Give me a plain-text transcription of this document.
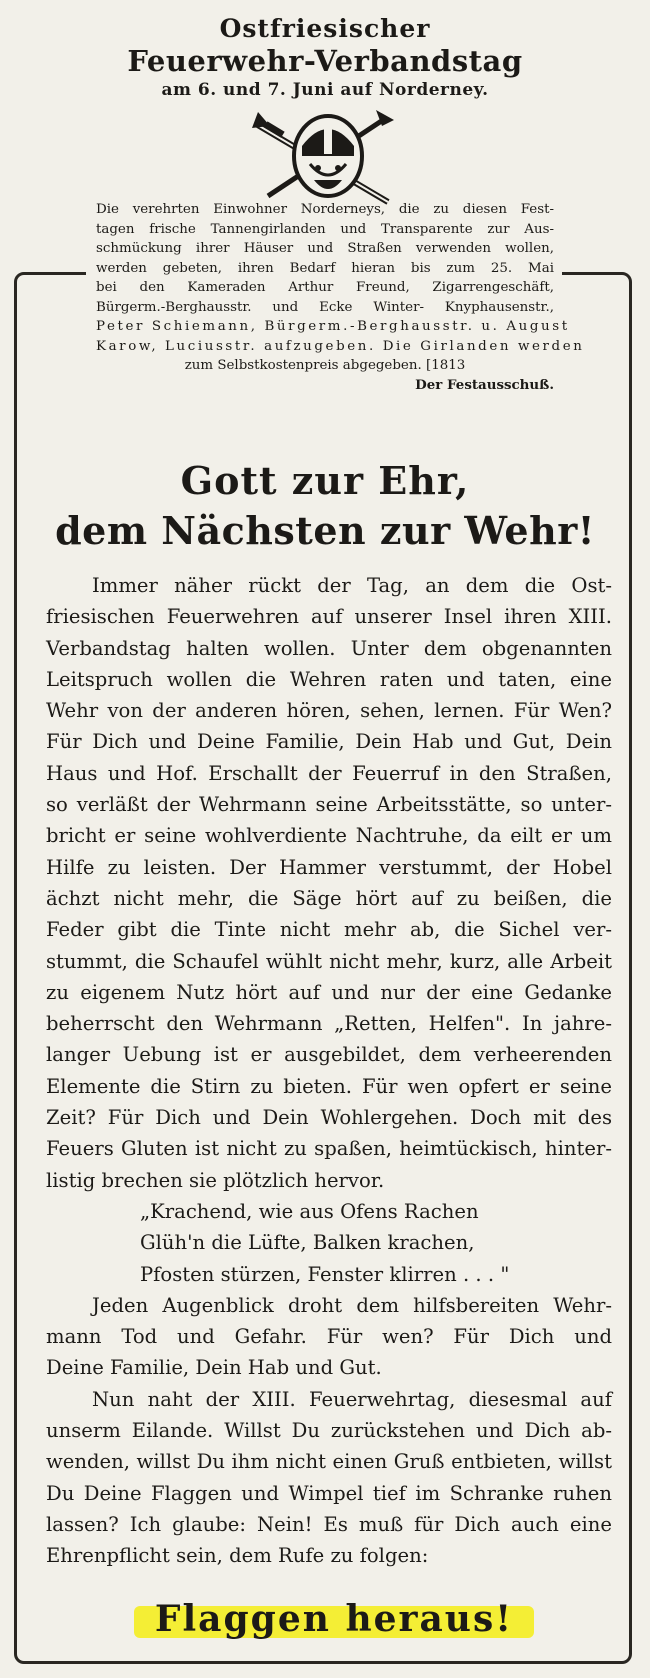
Ostfriesischer
Feuerwehr-Verbandstag
am 6. und 7. Juni auf Norderney.
Die verehrten Einwohner Norderneys, die zu diesen Fest-
tagen frische Tannengirlanden und Transparente zur Aus-
schmückung ihrer Häuser und Straßen verwenden wollen,
werden gebeten, ihren Bedarf hieran bis zum 25. Mai
bei den Kameraden Arthur Freund, Zigarrengeschäft,
Bürgerm.-Berghausstr. und Ecke Winter- Knyphausenstr.,
Peter Schiemann, Bürgerm.-Berghausstr. u. August
Karow, Luciusstr. aufzugeben. Die Girlanden werden
zum Selbstkostenpreis abgegeben. [1813
Der Festausschuß.
Gott zur Ehr,
dem Nächsten zur Wehr!
Immer näher rückt der Tag, an dem die Ost-
friesischen Feuerwehren auf unserer Insel ihren XIII.
Verbandstag halten wollen. Unter dem obgenannten
Leitspruch wollen die Wehren raten und taten, eine
Wehr von der anderen hören, sehen, lernen. Für Wen?
Für Dich und Deine Familie, Dein Hab und Gut, Dein
Haus und Hof. Erschallt der Feuerruf in den Straßen,
so verläßt der Wehrmann seine Arbeitsstätte, so unter-
bricht er seine wohlverdiente Nachtruhe, da eilt er um
Hilfe zu leisten. Der Hammer verstummt, der Hobel
ächzt nicht mehr, die Säge hört auf zu beißen, die
Feder gibt die Tinte nicht mehr ab, die Sichel ver-
stummt, die Schaufel wühlt nicht mehr, kurz, alle Arbeit
zu eigenem Nutz hört auf und nur der eine Gedanke
beherrscht den Wehrmann „Retten, Helfen". In jahre-
langer Uebung ist er ausgebildet, dem verheerenden
Elemente die Stirn zu bieten. Für wen opfert er seine
Zeit? Für Dich und Dein Wohlergehen. Doch mit des
Feuers Gluten ist nicht zu spaßen, heimtückisch, hinter-
listig brechen sie plötzlich hervor.
„Krachend, wie aus Ofens Rachen
Glüh'n die Lüfte, Balken krachen,
Pfosten stürzen, Fenster klirren . . . "
Jeden Augenblick droht dem hilfsbereiten Wehr-
mann Tod und Gefahr. Für wen? Für Dich und
Deine Familie, Dein Hab und Gut.
Nun naht der XIII. Feuerwehrtag, diesesmal auf
unserm Eilande. Willst Du zurückstehen und Dich ab-
wenden, willst Du ihm nicht einen Gruß entbieten, willst
Du Deine Flaggen und Wimpel tief im Schranke ruhen
lassen? Ich glaube: Nein! Es muß für Dich auch eine
Ehrenpflicht sein, dem Rufe zu folgen:
Flaggen heraus!
